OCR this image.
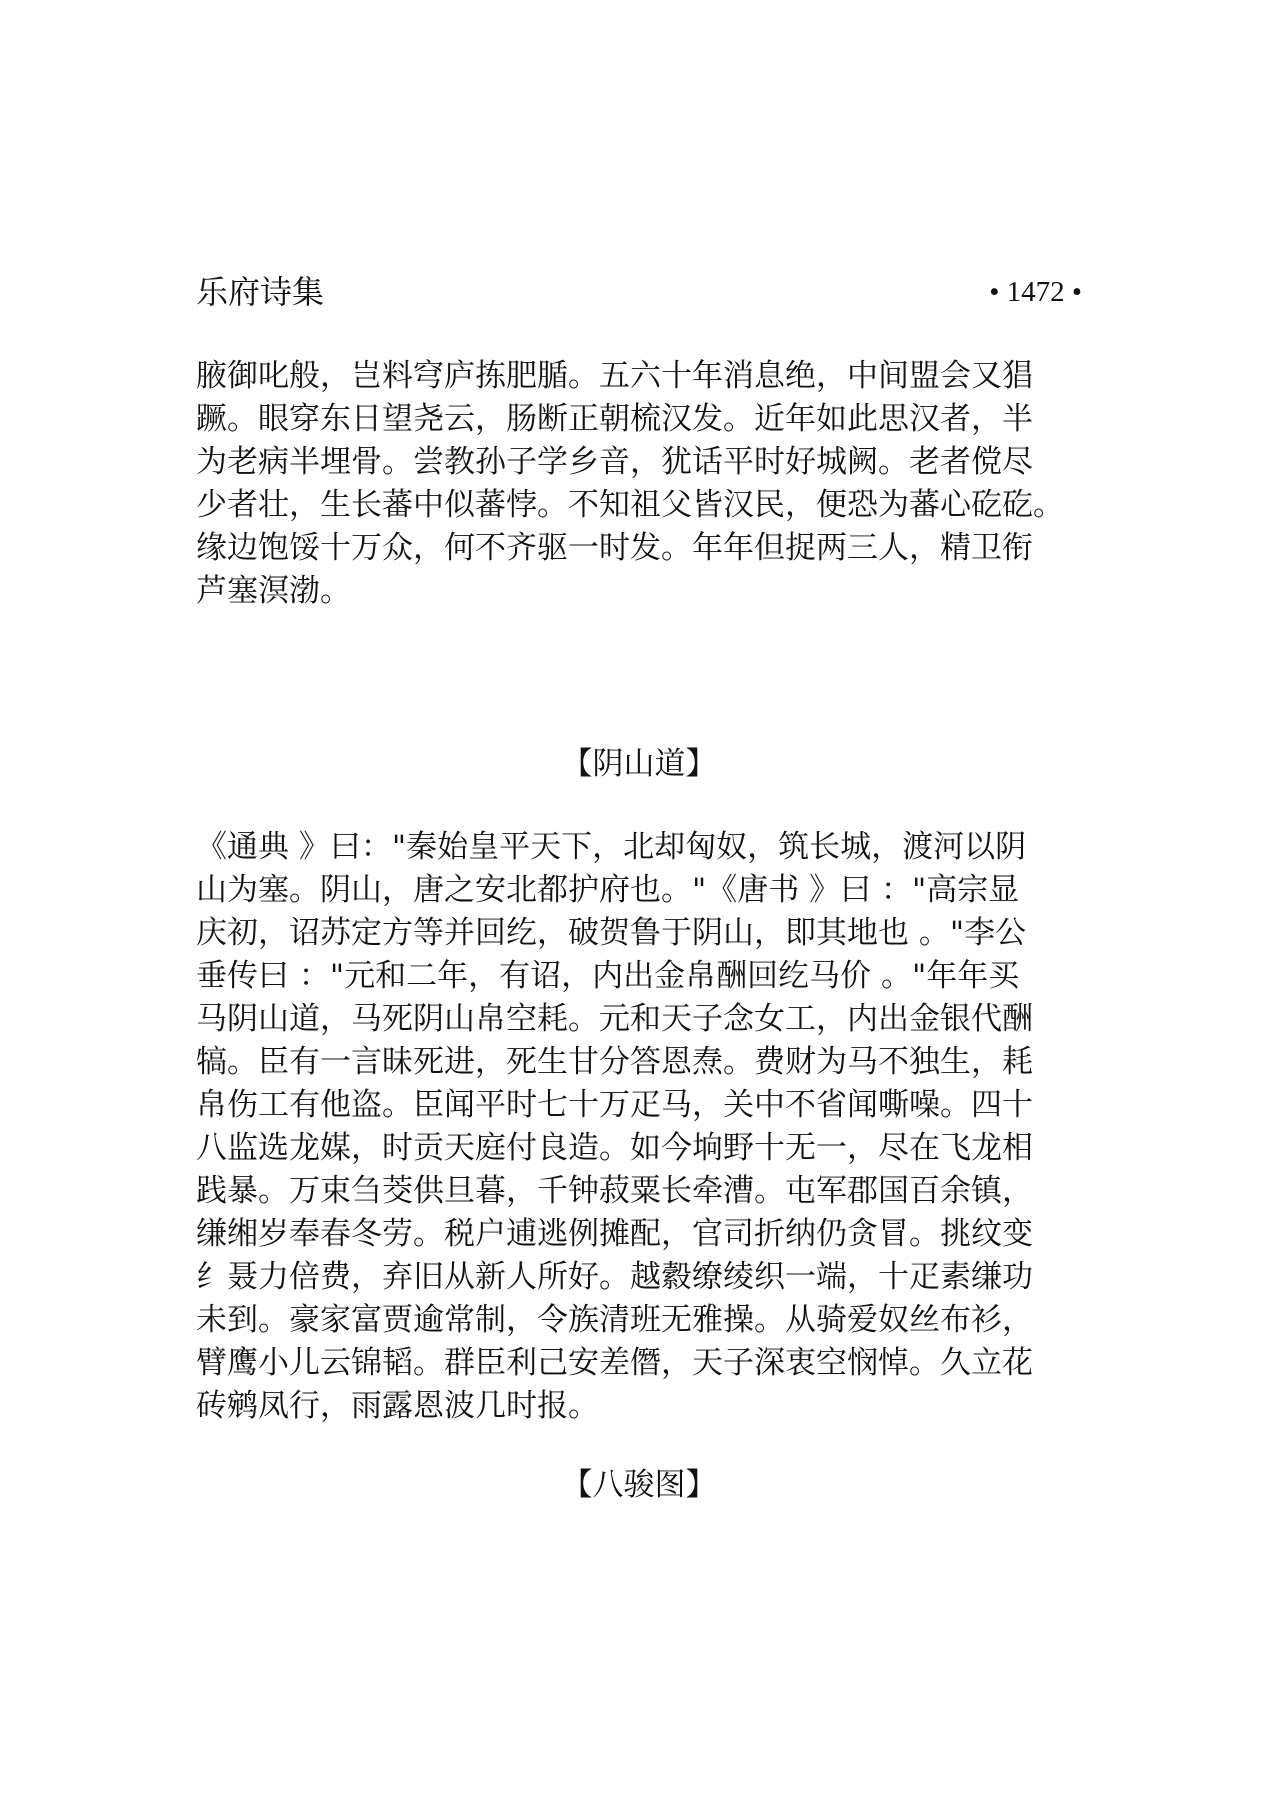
乐府诗集	• 1472 •
腋御叱般，岂料穹庐拣肥腯。五六十年消息绝，中间盟会又猖
蹶。眼穿东日望尧云，肠断正朝梳汉发。近年如此思汉者，半
为老病半埋骨。尝教孙子学乡音，犹话平时好城阙。老者傥尽
少者壮，生长蕃中似蕃悖。不知祖父皆汉民，便恐为蕃心矻矻。
缘边饱馁十万众，何不齐驱一时发。年年但捉两三人，精卫衔
芦塞溟渤。
【阴山道】
《通典 》曰："秦始皇平天下，北却匈奴，筑长城，渡河以阴
山为塞。阴山，唐之安北都护府也。"《唐书 》曰 ："高宗显
庆初，诏苏定方等并回纥，破贺鲁于阴山，即其地也 。"李公
垂传曰 ："元和二年，有诏，内出金帛酬回纥马价 。"年年买
马阴山道，马死阴山帛空耗。元和天子念女工，内出金银代酬
犒。臣有一言昧死进，死生甘分答恩焘。费财为马不独生，耗
帛伤工有他盗。臣闻平时七十万疋马，关中不省闻嘶噪。四十
八监选龙媒，时贡天庭付良造。如今垧野十无一，尽在飞龙相
践暴。万束刍茭供旦暮，千钟菽粟长牵漕。屯军郡国百余镇，
缣缃岁奉春冬劳。税户逋逃例摊配，官司折纳仍贪冒。挑纹变
纟聂力倍费，弃旧从新人所好。越縠缭绫织一端，十疋素缣功
未到。豪家富贾逾常制，令族清班无雅操。从骑爱奴丝布衫，
臂鹰小儿云锦韬。群臣利己安差僭，天子深衷空悯悼。久立花
砖鹓凤行，雨露恩波几时报。
【八骏图】
